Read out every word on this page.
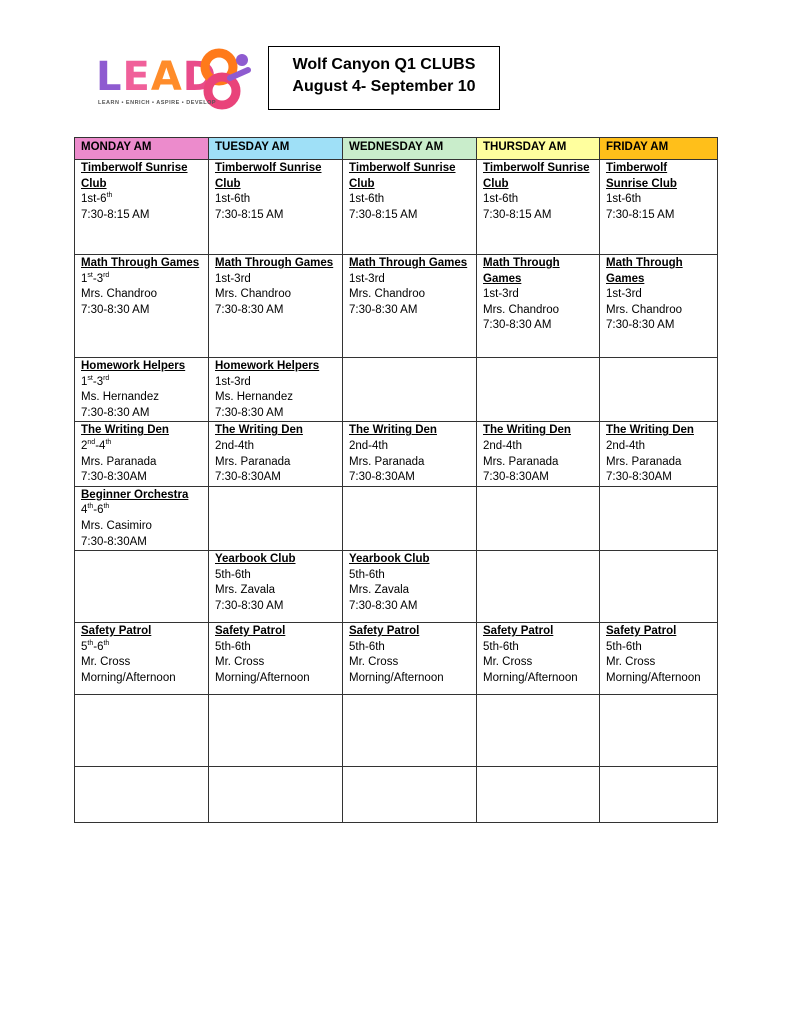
LEAD
LEARN • ENRICH • ASPIRE • DEVELOP
Wolf Canyon Q1 CLUBS
August 4- September 10
MONDAY AM	TUESDAY AM	WEDNESDAY AM	THURSDAY AM	FRIDAY AM

Timberwolf Sunrise Club
1st-6th
7:30-8:15 AM	Timberwolf Sunrise Club
1st-6th
7:30-8:15 AM	Timberwolf Sunrise Club
1st-6th
7:30-8:15 AM	Timberwolf Sunrise Club
1st-6th
7:30-8:15 AM	Timberwolf Sunrise Club
1st-6th
7:30-8:15 AM

Math Through Games
1st-3rd
Mrs. Chandroo
7:30-8:30 AM	Math Through Games
1st-3rd
Mrs. Chandroo
7:30-8:30 AM	Math Through Games
1st-3rd
Mrs. Chandroo
7:30-8:30 AM	Math Through Games
1st-3rd
Mrs. Chandroo
7:30-8:30 AM	Math Through Games
1st-3rd
Mrs. Chandroo
7:30-8:30 AM

Homework Helpers
1st-3rd
Ms. Hernandez
7:30-8:30 AM	Homework Helpers
1st-3rd
Ms. Hernandez
7:30-8:30 AM			

The Writing Den
2nd-4th
Mrs. Paranada
7:30-8:30AM	The Writing Den
2nd-4th
Mrs. Paranada
7:30-8:30AM	The Writing Den
2nd-4th
Mrs. Paranada
7:30-8:30AM	The Writing Den
2nd-4th
Mrs. Paranada
7:30-8:30AM	The Writing Den
2nd-4th
Mrs. Paranada
7:30-8:30AM

Beginner Orchestra
4th-6th
Mrs. Casimiro
7:30-8:30AM				

	Yearbook Club
5th-6th
Mrs. Zavala
7:30-8:30 AM	Yearbook Club
5th-6th
Mrs. Zavala
7:30-8:30 AM		

Safety Patrol
5th-6th
Mr. Cross
Morning/Afternoon	Safety Patrol
5th-6th
Mr. Cross
Morning/Afternoon	Safety Patrol
5th-6th
Mr. Cross
Morning/Afternoon	Safety Patrol
5th-6th
Mr. Cross
Morning/Afternoon	Safety Patrol
5th-6th
Mr. Cross
Morning/Afternoon
